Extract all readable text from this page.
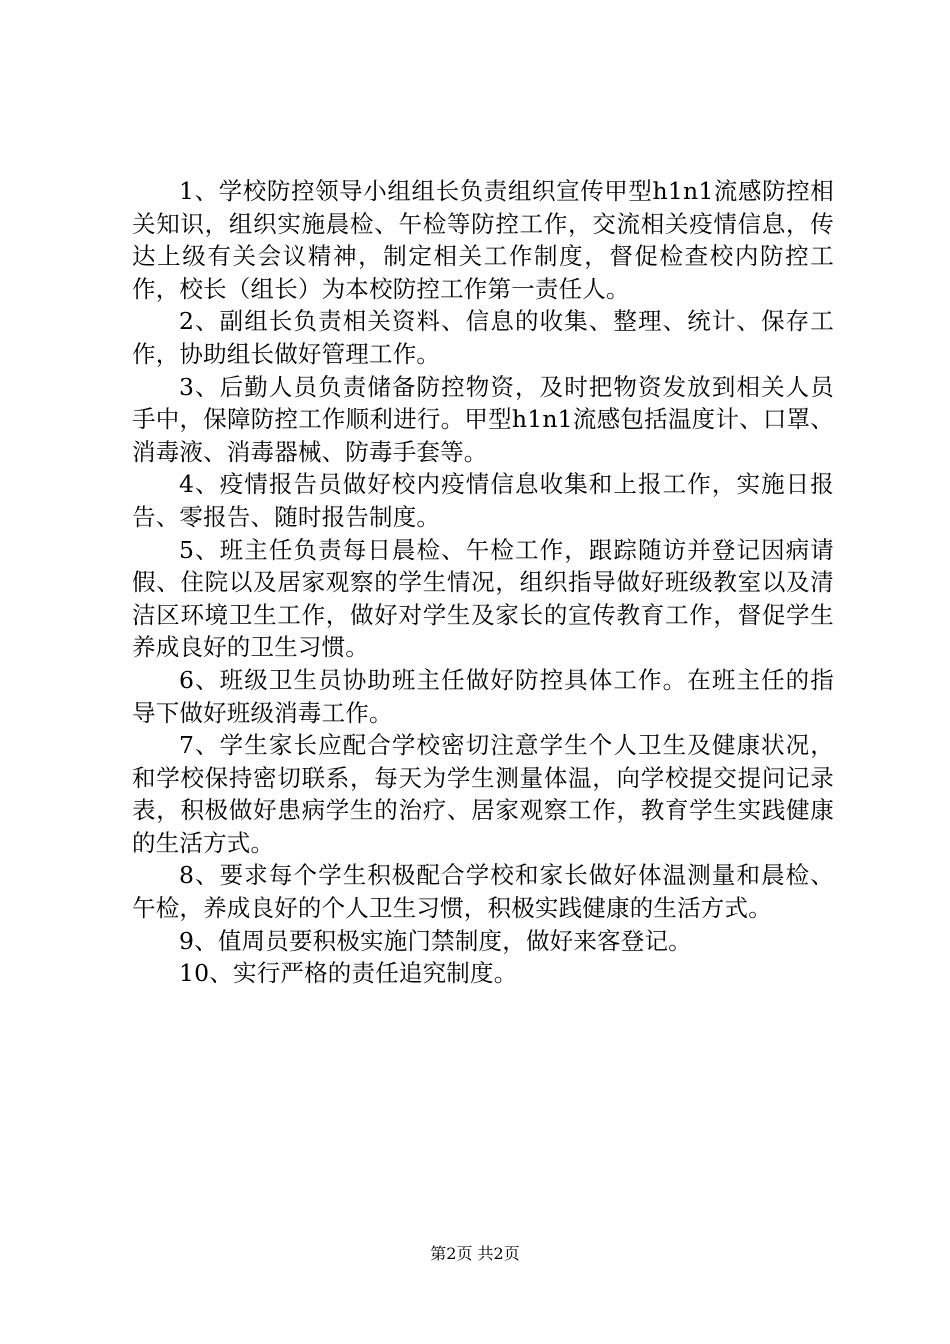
1、学校防控领导小组组长负责组织宣传甲型h1n1流感防控相关知识，组织实施晨检、午检等防控工作，交流相关疫情信息，传达上级有关会议精神，制定相关工作制度，督促检查校内防控工作，校长（组长）为本校防控工作第一责任人。

2、副组长负责相关资料、信息的收集、整理、统计、保存工作，协助组长做好管理工作。

3、后勤人员负责储备防控物资，及时把物资发放到相关人员手中，保障防控工作顺利进行。甲型h1n1流感包括温度计、口罩、消毒液、消毒器械、防毒手套等。

4、疫情报告员做好校内疫情信息收集和上报工作，实施日报告、零报告、随时报告制度。

5、班主任负责每日晨检、午检工作，跟踪随访并登记因病请假、住院以及居家观察的学生情况，组织指导做好班级教室以及清洁区环境卫生工作，做好对学生及家长的宣传教育工作，督促学生养成良好的卫生习惯。

6、班级卫生员协助班主任做好防控具体工作。在班主任的指导下做好班级消毒工作。

7、学生家长应配合学校密切注意学生个人卫生及健康状况，和学校保持密切联系，每天为学生测量体温，向学校提交提问记录表，积极做好患病学生的治疗、居家观察工作，教育学生实践健康的生活方式。

8、要求每个学生积极配合学校和家长做好体温测量和晨检、午检，养成良好的个人卫生习惯，积极实践健康的生活方式。

9、值周员要积极实施门禁制度，做好来客登记。

10、实行严格的责任追究制度。

第2页 共2页
